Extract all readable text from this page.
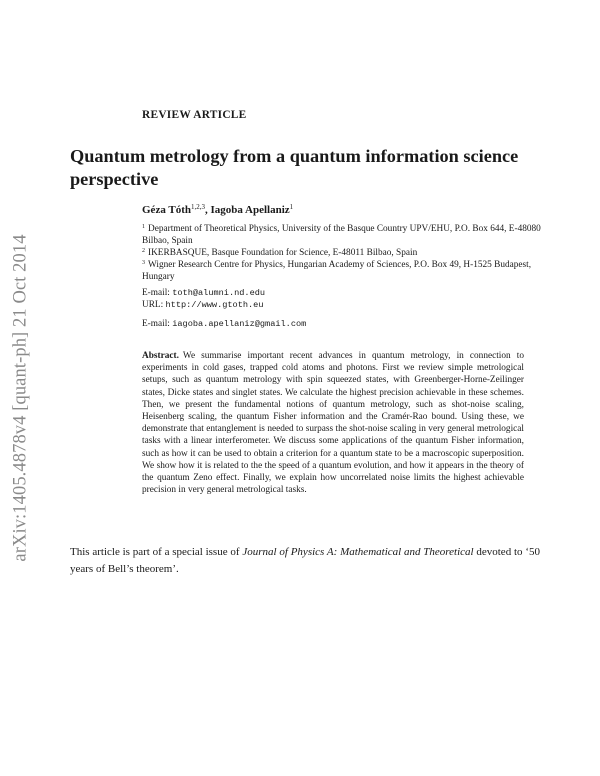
arXiv:1405.4878v4 [quant-ph] 21 Oct 2014
REVIEW ARTICLE
Quantum metrology from a quantum information science perspective
Géza Tóth$^{1,2,3}$, Iagoba Apellaniz$^1$
$^1$ Department of Theoretical Physics, University of the Basque Country UPV/EHU, P.O. Box 644, E-48080 Bilbao, Spain
$^2$ IKERBASQUE, Basque Foundation for Science, E-48011 Bilbao, Spain
$^3$ Wigner Research Centre for Physics, Hungarian Academy of Sciences, P.O. Box 49, H-1525 Budapest, Hungary
E-mail: toth@alumni.nd.edu
URL: http://www.gtoth.eu
E-mail: iagoba.apellaniz@gmail.com

Abstract. We summarise important recent advances in quantum metrology, in connection to experiments in cold gases, trapped cold atoms and photons. First we review simple metrological setups, such as quantum metrology with spin squeezed states, with Greenberger-Horne-Zeilinger states, Dicke states and singlet states. We calculate the highest precision achievable in these schemes. Then, we present the fundamental notions of quantum metrology, such as shot-noise scaling, Heisenberg scaling, the quantum Fisher information and the Cramér-Rao bound. Using these, we demonstrate that entanglement is needed to surpass the shot-noise scaling in very general metrological tasks with a linear interferometer. We discuss some applications of the quantum Fisher information, such as how it can be used to obtain a criterion for a quantum state to be a macroscopic superposition. We show how it is related to the the speed of a quantum evolution, and how it appears in the theory of the quantum Zeno effect. Finally, we explain how uncorrelated noise limits the highest achievable precision in very general metrological tasks.

This article is part of a special issue of Journal of Physics A: Mathematical and Theoretical devoted to ‘50 years of Bell’s theorem’.
